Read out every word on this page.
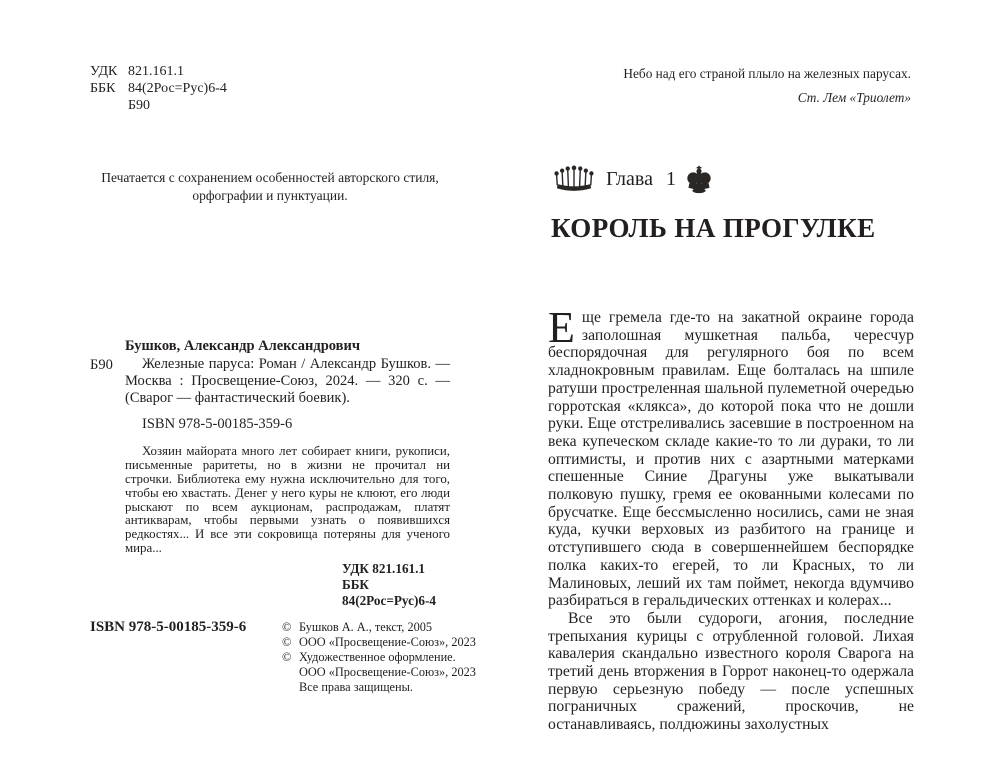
УДК 821.161.1
ББК 84(2Рос=Рус)6-4
Б90
Печатается с сохранением особенностей авторского стиля, орфографии и пунктуации.
Бушков, Александр Александрович
Б90	Железные паруса: Роман / Александр Бушков. — Москва : Просвещение-Союз, 2024. — 320 с. — (Сварог — фантастический боевик).
ISBN 978-5-00185-359-6
Хозяин майората много лет собирает книги, рукописи, письменные раритеты, но в жизни не прочитал ни строчки. Библиотека ему нужна исключительно для того, чтобы ею хвастать. Денег у него куры не клюют, его люди рыскают по всем аукционам, распродажам, платят антикварам, чтобы первыми узнать о появившихся редкостях... И все эти сокровища потеряны для ученого мира...
УДК 821.161.1
ББК 84(2Рос=Рус)6-4
ISBN 978-5-00185-359-6	© Бушков А. А., текст, 2005
© ООО «Просвещение-Союз», 2023
© Художественное оформление.
ООО «Просвещение-Союз», 2023
Все права защищены.
Небо над его страной плыло на железных парусах.
Ст. Лем «Триолет»
Глава 1
КОРОЛЬ НА ПРОГУЛКЕ

Еще гремела где-то на закатной окраине города заполошная мушкетная пальба, чересчур беспорядочная для регулярного боя по всем хладнокровным правилам. Еще болталась на шпиле ратуши простреленная шальной пулеметной очередью горротская «клякса», до которой пока что не дошли руки. Еще отстреливались засевшие в построенном на века купеческом складе какие-то то ли дураки, то ли оптимисты, и против них с азартными матерками спешенные Синие Драгуны уже выкатывали полковую пушку, гремя ее окованными колесами по брусчатке. Еще бессмысленно носились, сами не зная куда, кучки верховых из разбитого на границе и отступившего сюда в совершеннейшем беспорядке полка каких-то егерей, то ли Красных, то ли Малиновых, леший их там поймет, некогда вдумчиво разбираться в геральдических оттенках и колерах...

Все это были судороги, агония, последние трепыхания курицы с отрубленной головой. Лихая кавалерия скандально известного короля Сварога на третий день вторжения в Горрот наконец-то одержала первую серьезную победу — после успешных пограничных сражений, проскочив, не останавливаясь, полдюжины захолустных
